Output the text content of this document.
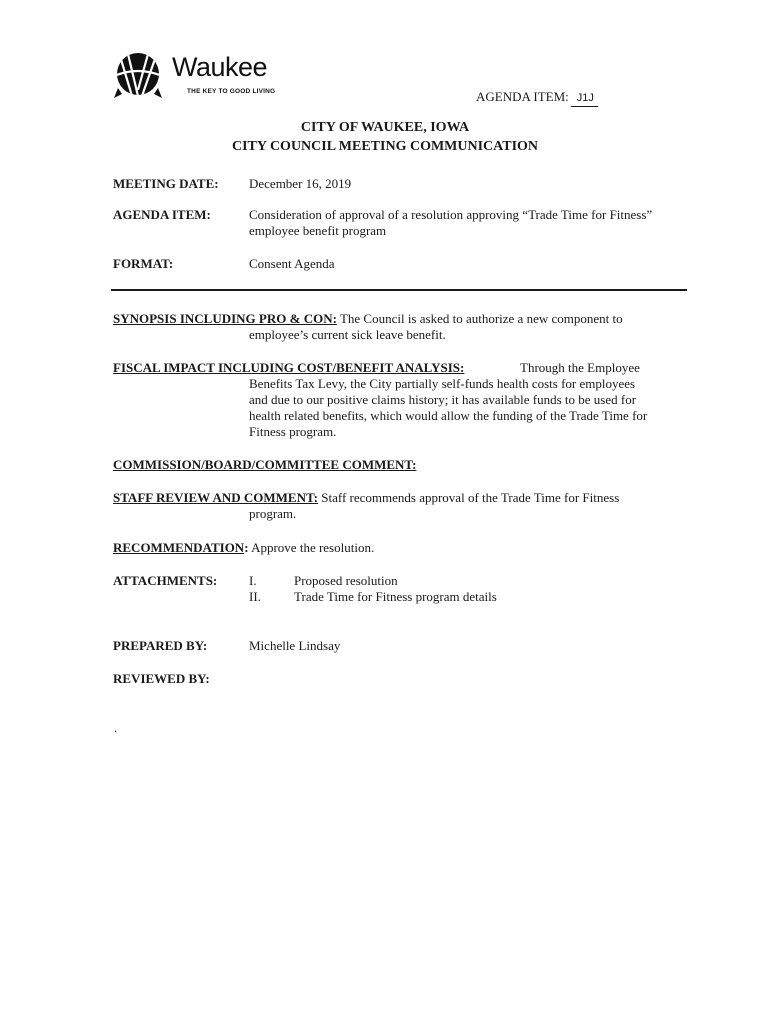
Waukee
THE KEY TO GOOD LIVING	AGENDA ITEM: J1J
CITY OF WAUKEE, IOWA
CITY COUNCIL MEETING COMMUNICATION
MEETING DATE: December 16, 2019
AGENDA ITEM:	Consideration of approval of a resolution approving “Trade Time for Fitness”
employee benefit program
FORMAT:	Consent Agenda
SYNOPSIS INCLUDING PRO & CON: The Council is asked to authorize a new component to
employee’s current sick leave benefit.
FISCAL IMPACT INCLUDING COST/BENEFIT ANALYSIS:	Through the Employee
Benefits Tax Levy, the City partially self-funds health costs for employees
and due to our positive claims history; it has available funds to be used for
health related benefits, which would allow the funding of the Trade Time for
Fitness program.
COMMISSION/BOARD/COMMITTEE COMMENT:
STAFF REVIEW AND COMMENT: Staff recommends approval of the Trade Time for Fitness
program.
RECOMMENDATION: Approve the resolution.
ATTACHMENTS: I.	Proposed resolution
II.	Trade Time for Fitness program details
PREPARED BY:	Michelle Lindsay
REVIEWED BY:
.
